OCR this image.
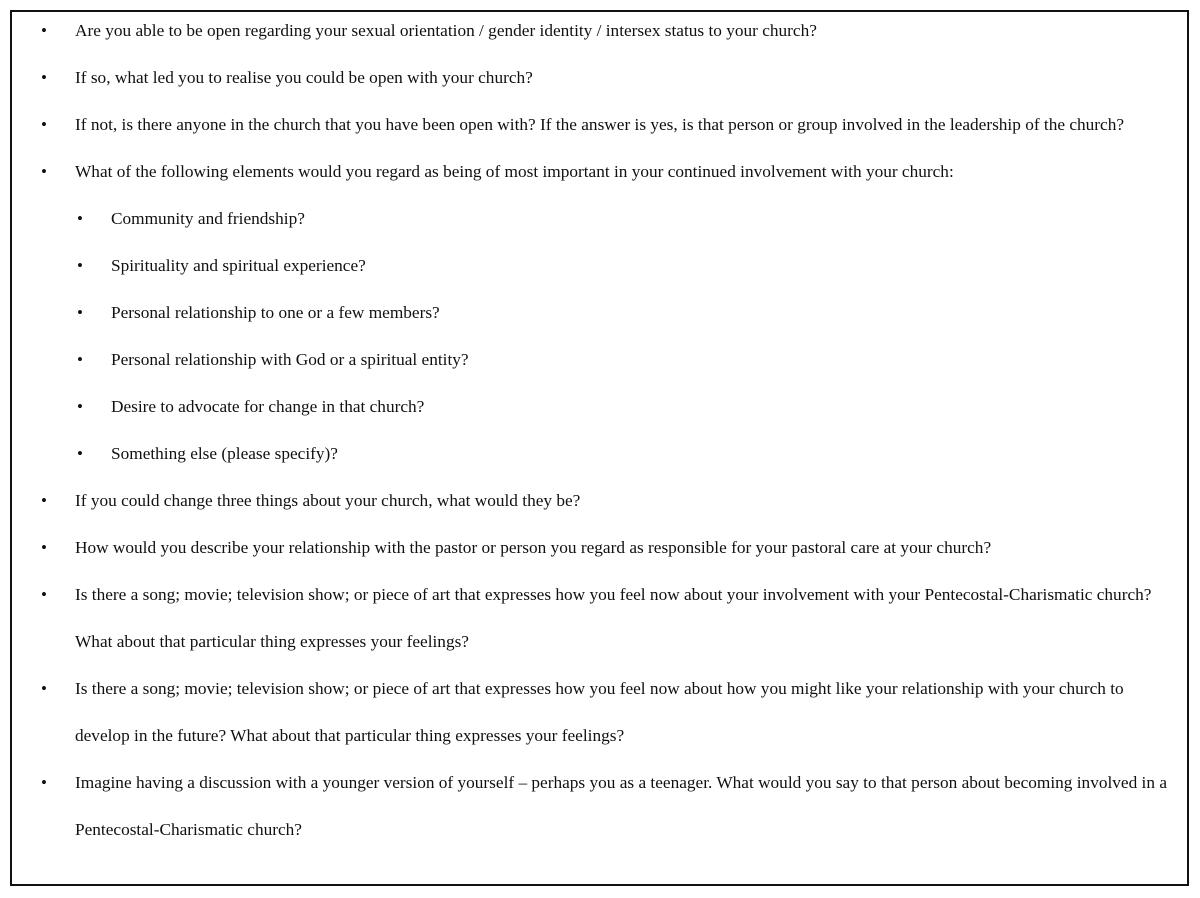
• Are you able to be open regarding your sexual orientation / gender identity / intersex status to your church?
• If so, what led you to realise you could be open with your church?
• If not, is there anyone in the church that you have been open with? If the answer is yes, is that person or group involved in the leadership of the church?
• What of the following elements would you regard as being of most important in your continued involvement with your church:
• Community and friendship?
• Spirituality and spiritual experience?
• Personal relationship to one or a few members?
• Personal relationship with God or a spiritual entity?
• Desire to advocate for change in that church?
• Something else (please specify)?
• If you could change three things about your church, what would they be?
• How would you describe your relationship with the pastor or person you regard as responsible for your pastoral care at your church?
• Is there a song; movie; television show; or piece of art that expresses how you feel now about your involvement with your Pentecostal-Charismatic church? What about that particular thing expresses your feelings?
• Is there a song; movie; television show; or piece of art that expresses how you feel now about how you might like your relationship with your church to develop in the future? What about that particular thing expresses your feelings?
• Imagine having a discussion with a younger version of yourself – perhaps you as a teenager. What would you say to that person about becoming involved in a Pentecostal-Charismatic church?
